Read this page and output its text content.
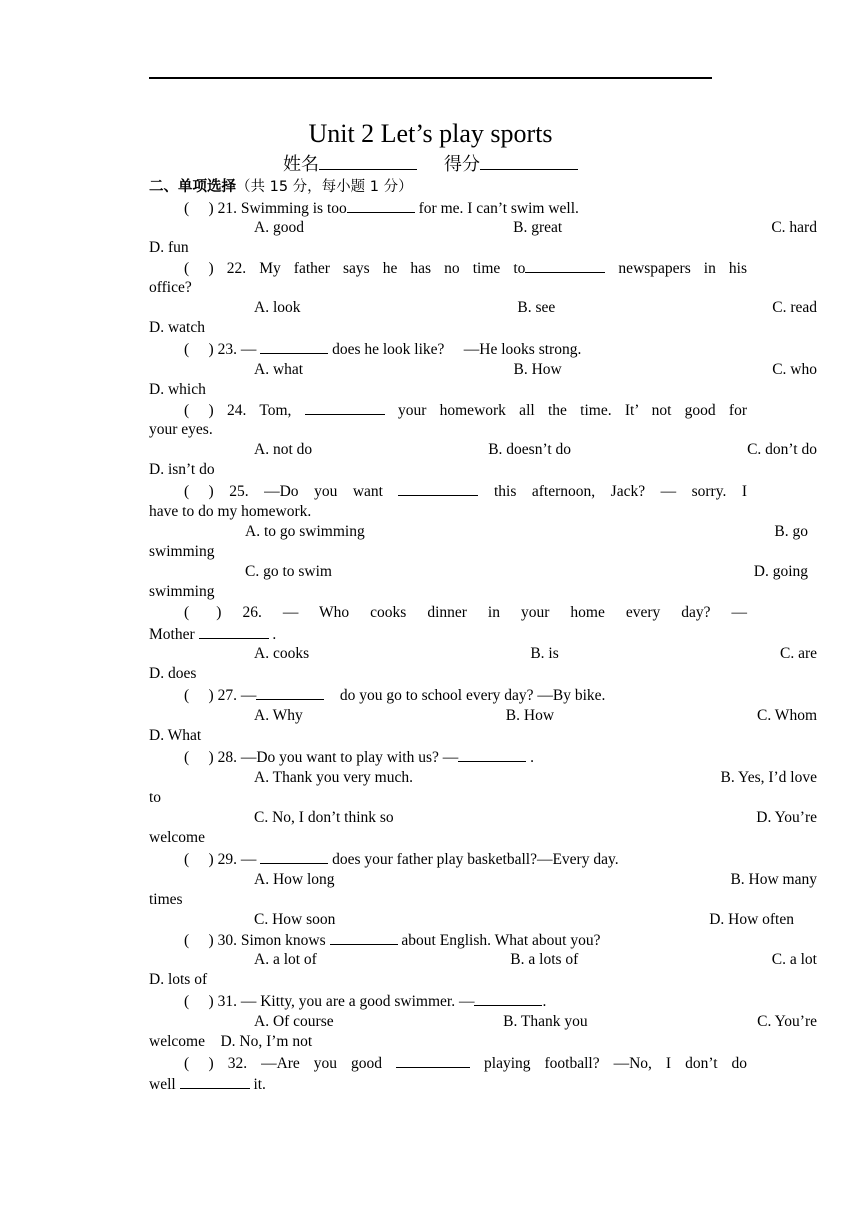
Unit 2 Let’s play sports
姓名	得分
二、单项选择（共 15 分，每小题 1 分）
(     ) 21. Swimming is too	for me. I can’t swim well.
A. good	B. great	C. hard
D. fun
(     ) 22. My father says he has no time to	newspapers in his
office?
A. look	B. see	C. read
D. watch
(     ) 23. —	does he look like?     —He looks strong.
A. what	B. How	C. who
D. which
(     ) 24. Tom,	your homework all the time. It’ not good for
your eyes.
A. not do	B. doesn’t do	C. don’t do
D. isn’t do
(     ) 25. —Do you want	this afternoon, Jack? — sorry. I
have to do my homework.
A. to go swimming	B. go
swimming
C. go to swim	D. going
swimming
(       ) 26. — Who cooks dinner in your home every day? —
Mother	.
A. cooks	B. is	C. are
D. does
(     ) 27. —	do you go to school every day? —By bike.
A. Why	B. How	C. Whom
D. What
(     ) 28. —Do you want to play with us? —	.
A. Thank you very much.	B. Yes, I’d love
to
C. No, I don’t think so	D. You’re
welcome
(     ) 29. —	does your father play basketball?—Every day.
A. How long	B. How many
times
C. How soon	D. How often
(     ) 30. Simon knows	about English. What about you?
A. a lot of	B. a lots of	C. a lot
D. lots of
(     ) 31. — Kitty, you are a good swimmer. —	.
A. Of course	B. Thank you	C. You’re
welcome    D. No, I’m not
(     ) 32. —Are you good	playing football? —No, I don’t do
well	it.
